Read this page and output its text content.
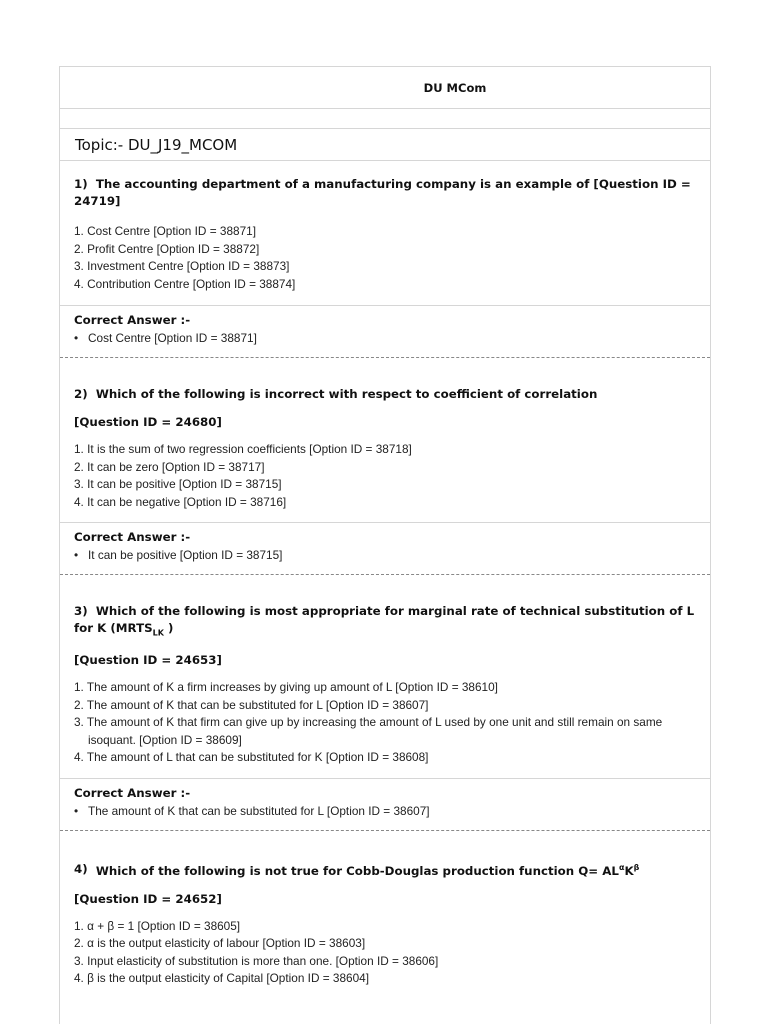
DU MCom
Topic:- DU_J19_MCOM
1) The accounting department of a manufacturing company is an example of [Question ID = 24719]
1. Cost Centre [Option ID = 38871]
2. Profit Centre [Option ID = 38872]
3. Investment Centre [Option ID = 38873]
4. Contribution Centre [Option ID = 38874]
Correct Answer :-
• Cost Centre [Option ID = 38871]
2) Which of the following is incorrect with respect to coefficient of correlation
[Question ID = 24680]
1. It is the sum of two regression coefficients [Option ID = 38718]
2. It can be zero [Option ID = 38717]
3. It can be positive [Option ID = 38715]
4. It can be negative [Option ID = 38716]
Correct Answer :-
• It can be positive [Option ID = 38715]
3) Which of the following is most appropriate for marginal rate of technical substitution of L for K ($MRTS_{LK}$ )
[Question ID = 24653]
1. The amount of K a firm increases by giving up amount of L [Option ID = 38610]
2. The amount of K that can be substituted for L [Option ID = 38607]
3. The amount of K that firm can give up by increasing the amount of L used by one unit and still remain on same isoquant. [Option ID = 38609]
4. The amount of L that can be substituted for K [Option ID = 38608]
Correct Answer :-
• The amount of K that can be substituted for L [Option ID = 38607]
4) Which of the following is not true for Cobb-Douglas production function $Q= AL^\alpha K^\beta$
[Question ID = 24652]
1. α + β = 1 [Option ID = 38605]
2. α is the output elasticity of labour [Option ID = 38603]
3. Input elasticity of substitution is more than one. [Option ID = 38606]
4. β is the output elasticity of Capital [Option ID = 38604]
